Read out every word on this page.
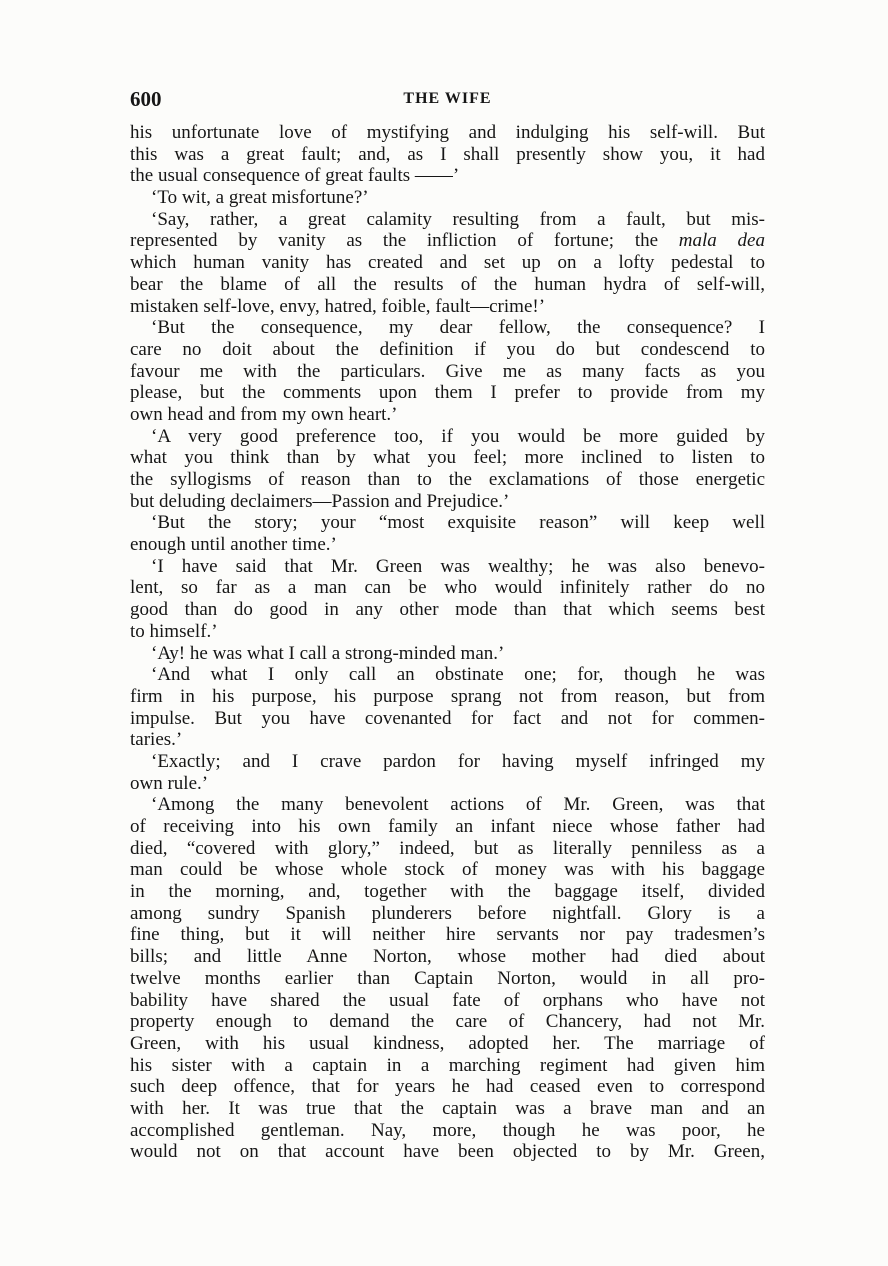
600	THE WIFE
his unfortunate love of mystifying and indulging his self-will. But
this was a great fault; and, as I shall presently show you, it had
the usual consequence of great faults ——’
‘To wit, a great misfortune?’
‘Say, rather, a great calamity resulting from a fault, but mis-
represented by vanity as the infliction of fortune; the mala dea
which human vanity has created and set up on a lofty pedestal to
bear the blame of all the results of the human hydra of self-will,
mistaken self-love, envy, hatred, foible, fault—crime!’
‘But the consequence, my dear fellow, the consequence? I
care no doit about the definition if you do but condescend to
favour me with the particulars. Give me as many facts as you
please, but the comments upon them I prefer to provide from my
own head and from my own heart.’
‘A very good preference too, if you would be more guided by
what you think than by what you feel; more inclined to listen to
the syllogisms of reason than to the exclamations of those energetic
but deluding declaimers—Passion and Prejudice.’
‘But the story; your “most exquisite reason” will keep well
enough until another time.’
‘I have said that Mr. Green was wealthy; he was also benevo-
lent, so far as a man can be who would infinitely rather do no
good than do good in any other mode than that which seems best
to himself.’
‘Ay! he was what I call a strong-minded man.’
‘And what I only call an obstinate one; for, though he was
firm in his purpose, his purpose sprang not from reason, but from
impulse. But you have covenanted for fact and not for commen-
taries.’
‘Exactly; and I crave pardon for having myself infringed my
own rule.’
‘Among the many benevolent actions of Mr. Green, was that
of receiving into his own family an infant niece whose father had
died, “covered with glory,” indeed, but as literally penniless as a
man could be whose whole stock of money was with his baggage
in the morning, and, together with the baggage itself, divided
among sundry Spanish plunderers before nightfall. Glory is a
fine thing, but it will neither hire servants nor pay tradesmen’s
bills; and little Anne Norton, whose mother had died about
twelve months earlier than Captain Norton, would in all pro-
bability have shared the usual fate of orphans who have not
property enough to demand the care of Chancery, had not Mr.
Green, with his usual kindness, adopted her. The marriage of
his sister with a captain in a marching regiment had given him
such deep offence, that for years he had ceased even to correspond
with her. It was true that the captain was a brave man and an
accomplished gentleman. Nay, more, though he was poor, he
would not on that account have been objected to by Mr. Green,
